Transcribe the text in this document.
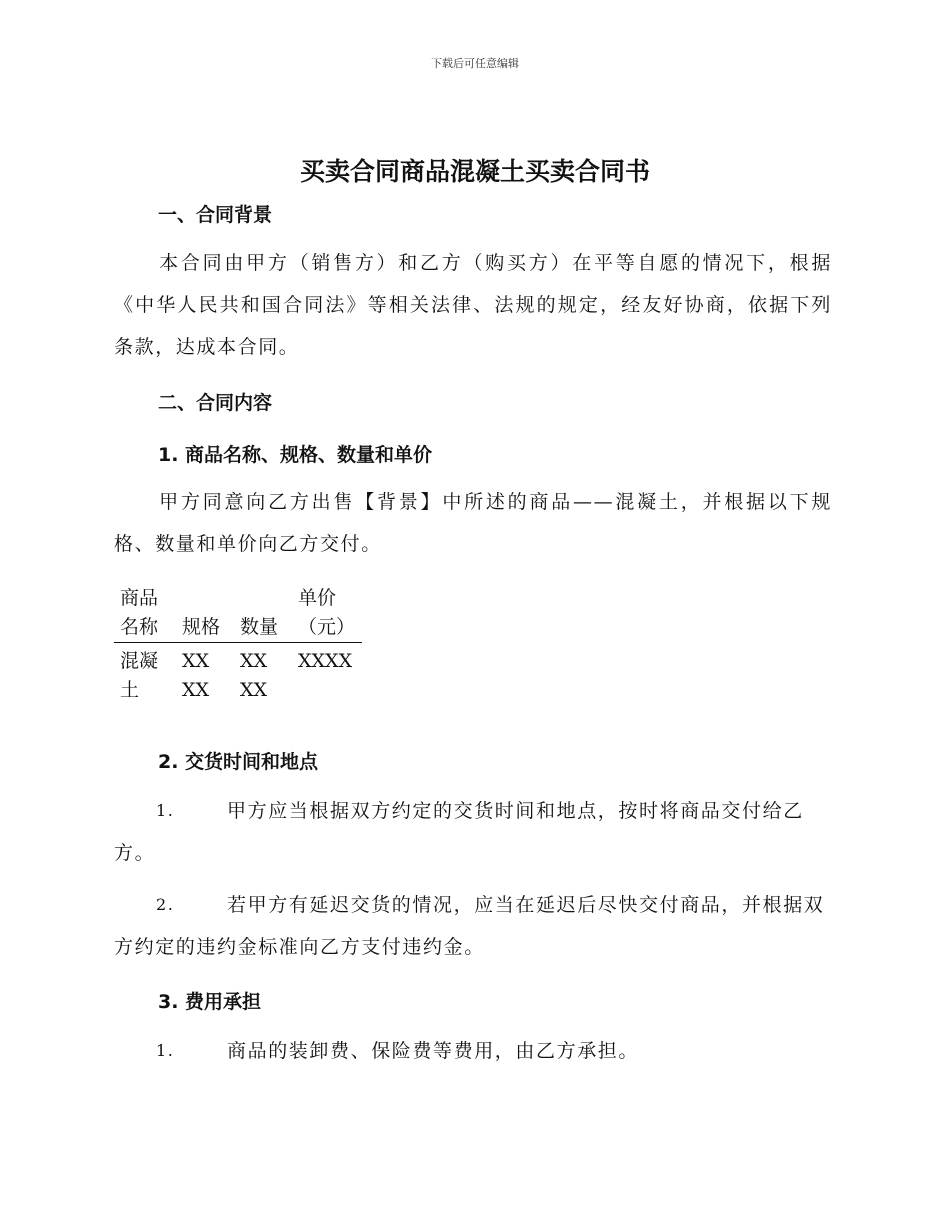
下载后可任意编辑
买卖合同商品混凝土买卖合同书
一、合同背景
本合同由甲方（销售方）和乙方（购买方）在平等自愿的情况下，根据《中华人民共和国合同法》等相关法律、法规的规定，经友好协商，依据下列条款，达成本合同。
二、合同内容
1. 商品名称、规格、数量和单价
甲方同意向乙方出售【背景】中所述的商品——混凝土，并根据以下规格、数量和单价向乙方交付。
商品名称	规格	数量	单价（元）
混凝土	XX XX	XX XX	XXXX
2. 交货时间和地点
1.	甲方应当根据双方约定的交货时间和地点，按时将商品交付给乙方。
2.	若甲方有延迟交货的情况，应当在延迟后尽快交付商品，并根据双方约定的违约金标准向乙方支付违约金。
3. 费用承担
1.	商品的装卸费、保险费等费用，由乙方承担。
